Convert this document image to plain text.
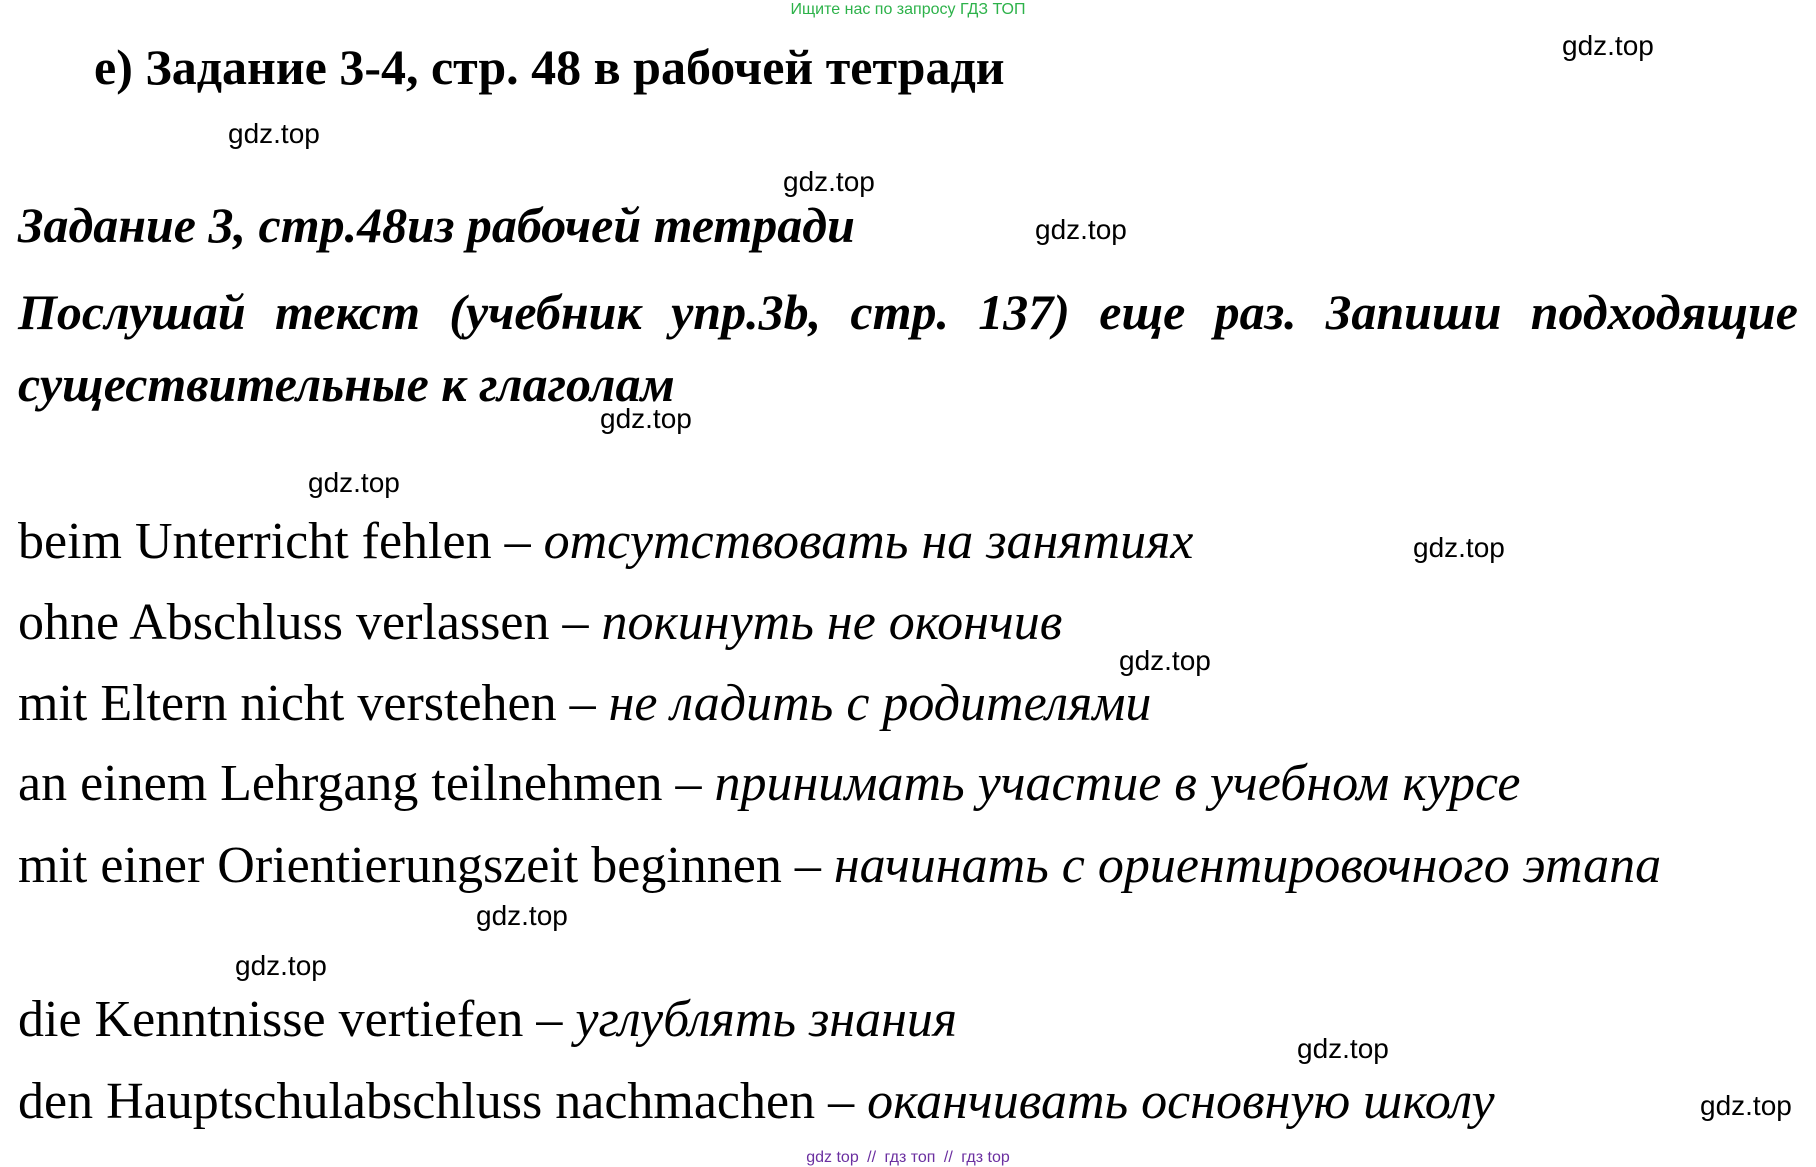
Ищите нас по запросу ГДЗ ТОП
е) Задание 3-4, стр. 48 в рабочей тетради
Задание 3, стр.48из рабочей тетради
Послушай текст (учебник упр.3b, стр. 137) еще раз. Запиши подходящие существительные к глаголам
beim Unterricht fehlen – отсутствовать на занятиях
ohne Abschluss verlassen – покинуть не окончив
mit Eltern nicht verstehen – не ладить с родителями
an einem Lehrgang teilnehmen – принимать участие в учебном курсе
mit einer Orientierungszeit beginnen – начинать с ориентировочного этапа
die Kenntnisse vertiefen – углублять знания
den Hauptschulabschluss nachmachen – оканчивать основную школу
gdz.top
gdz.top
gdz.top
gdz.top
gdz.top
gdz.top
gdz.top
gdz.top
gdz.top
gdz.top
gdz.top
gdz.top
gdz top // гдз топ // гдз top
